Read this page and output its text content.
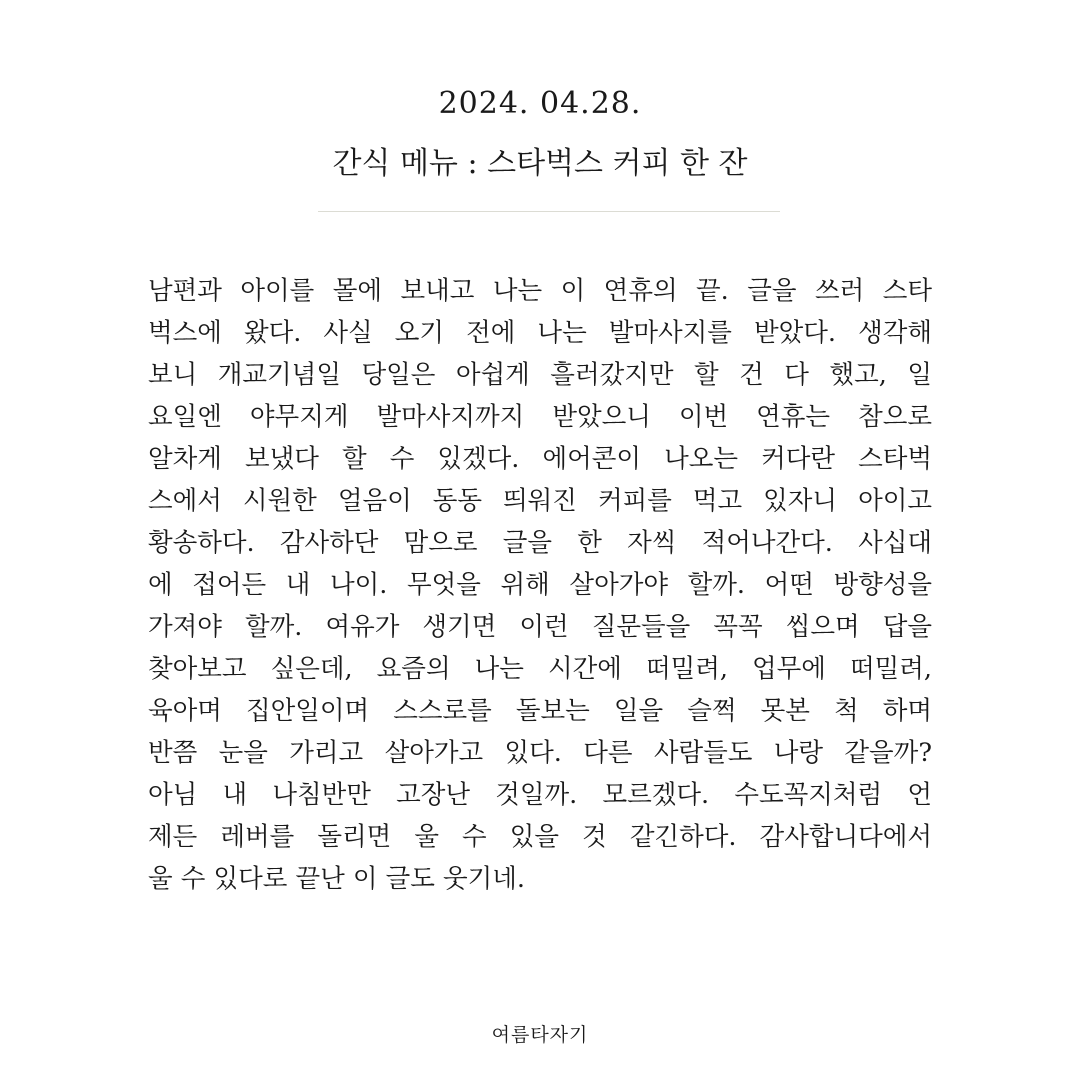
2024. 04.28.
간식 메뉴 : 스타벅스 커피 한 잔
남편과 아이를 몰에 보내고 나는 이 연휴의 끝. 글을 쓰러 스타
벅스에 왔다. 사실 오기 전에 나는 발마사지를 받았다. 생각해
보니 개교기념일 당일은 아쉽게 흘러갔지만 할 건 다 했고, 일
요일엔 야무지게 발마사지까지 받았으니 이번 연휴는 참으로
알차게 보냈다 할 수 있겠다. 에어콘이 나오는 커다란 스타벅
스에서 시원한 얼음이 동동 띄워진 커피를 먹고 있자니 아이고
황송하다. 감사하단 맘으로 글을 한 자씩 적어나간다. 사십대
에 접어든 내 나이. 무엇을 위해 살아가야 할까. 어떤 방향성을
가져야 할까. 여유가 생기면 이런 질문들을 꼭꼭 씹으며 답을
찾아보고 싶은데, 요즘의 나는 시간에 떠밀려, 업무에 떠밀려,
육아며 집안일이며 스스로를 돌보는 일을 슬쩍 못본 척 하며
반쯤 눈을 가리고 살아가고 있다. 다른 사람들도 나랑 같을까?
아님 내 나침반만 고장난 것일까. 모르겠다. 수도꼭지처럼 언
제든 레버를 돌리면 울 수 있을 것 같긴하다. 감사합니다에서
울 수 있다로 끝난 이 글도 웃기네.
여름타자기
